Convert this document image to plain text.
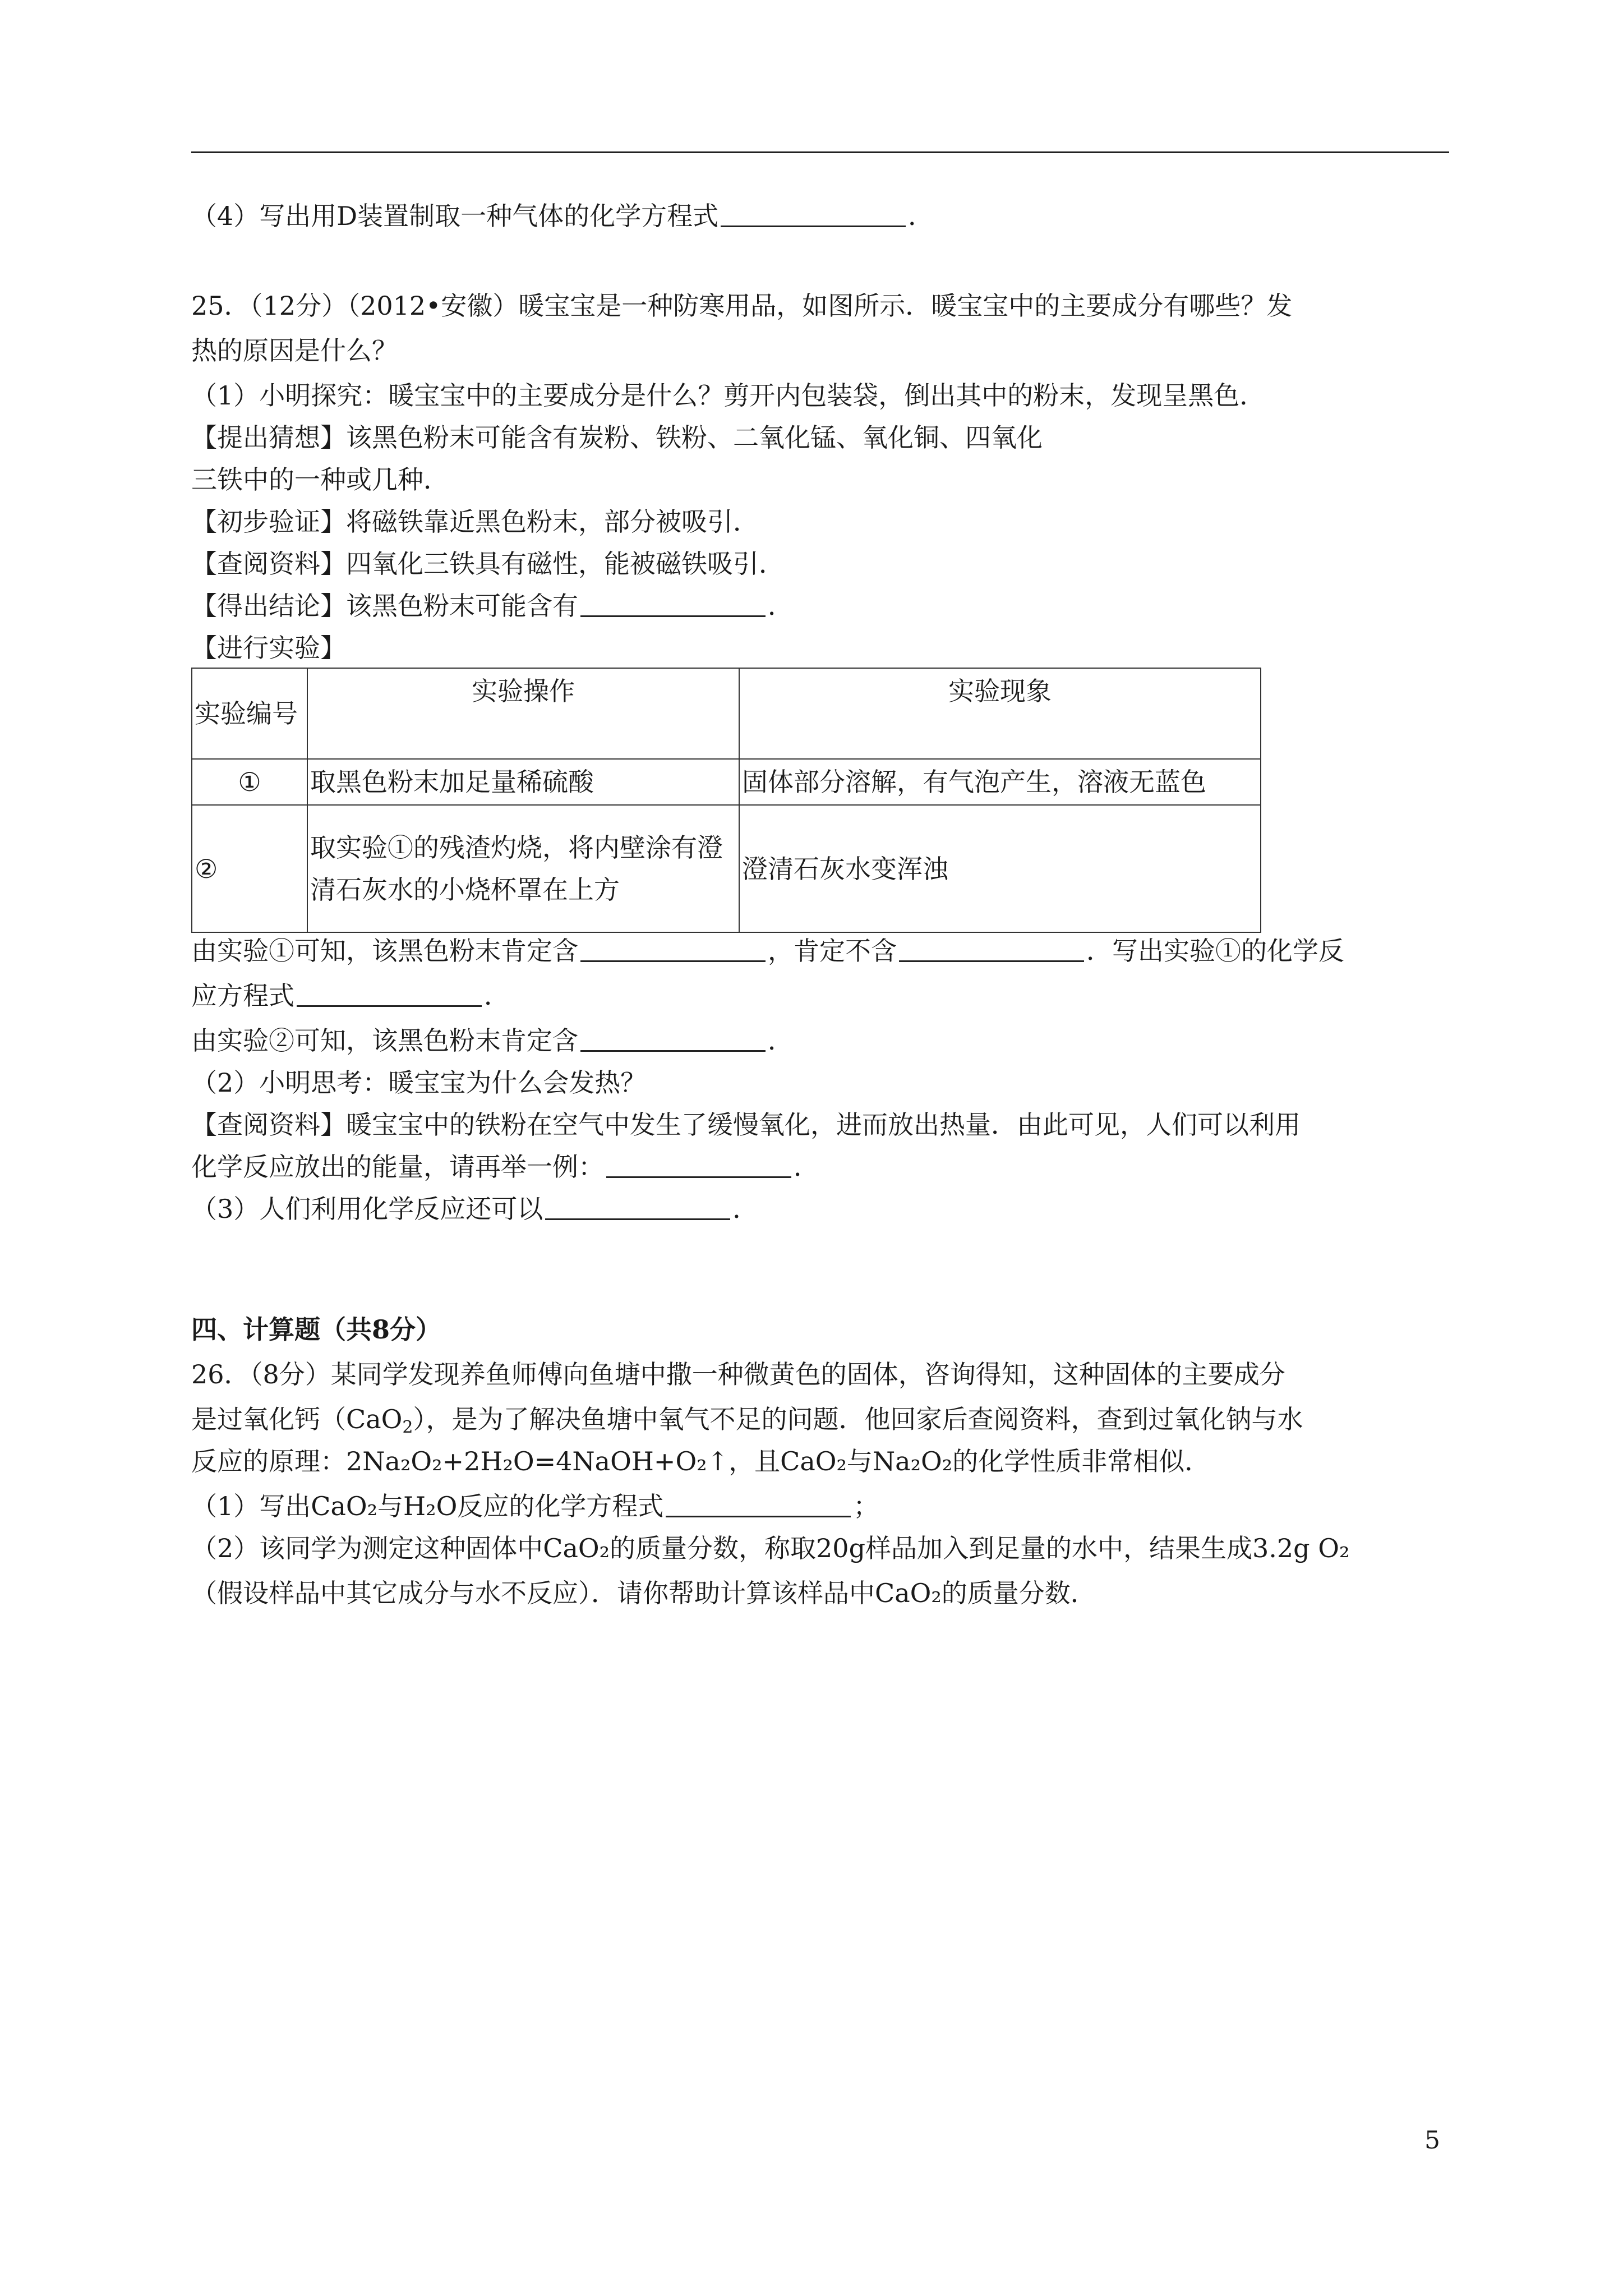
（4）写出用D装置制取一种气体的化学方程式	．
25．（12分）（2012•安徽）暖宝宝是一种防寒用品，如图所示．暖宝宝中的主要成分有哪些？发
热的原因是什么？
（1）小明探究：暖宝宝中的主要成分是什么？剪开内包装袋，倒出其中的粉末，发现呈黑色．
【提出猜想】该黑色粉末可能含有炭粉、铁粉、二氧化锰、氧化铜、四氧化
三铁中的一种或几种．
【初步验证】将磁铁靠近黑色粉末，部分被吸引．
【查阅资料】四氧化三铁具有磁性，能被磁铁吸引．
【得出结论】该黑色粉末可能含有	．
【进行实验】
实验编号	实验操作	实验现象
①	取黑色粉末加足量稀硫酸	固体部分溶解，有气泡产生，溶液无蓝色
②	取实验①的残渣灼烧，将内壁涂有澄清石灰水的小烧杯罩在上方	澄清石灰水变浑浊
由实验①可知，该黑色粉末肯定含	，肯定不含	．写出实验①的化学反
应方程式	．
由实验②可知，该黑色粉末肯定含	．
（2）小明思考：暖宝宝为什么会发热？
【查阅资料】暖宝宝中的铁粉在空气中发生了缓慢氧化，进而放出热量．由此可见，人们可以利用
化学反应放出的能量，请再举一例：	．
（3）人们利用化学反应还可以	．
四、计算题（共8分）
26．（8分）某同学发现养鱼师傅向鱼塘中撒一种微黄色的固体，咨询得知，这种固体的主要成分
是过氧化钙（CaO$_2$），是为了解决鱼塘中氧气不足的问题．他回家后查阅资料，查到过氧化钠与水
反应的原理：2Na₂O₂+2H₂O=4NaOH+O₂↑，且CaO₂与Na₂O₂的化学性质非常相似．
（1）写出CaO₂与H₂O反应的化学方程式	；
（2）该同学为测定这种固体中CaO₂的质量分数，称取20g样品加入到足量的水中，结果生成3.2g O₂
（假设样品中其它成分与水不反应）．请你帮助计算该样品中CaO₂的质量分数．
5
